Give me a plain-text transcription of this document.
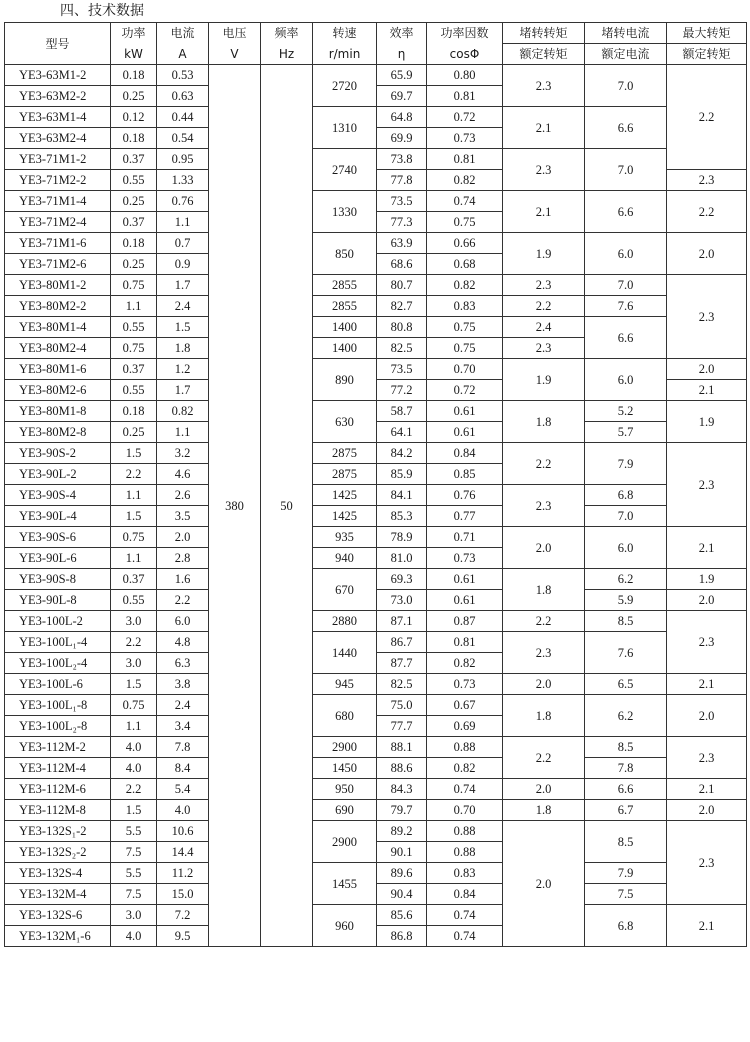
四、技术数据
型号	功率	电流	电压	频率	转速	效率	功率因数	堵转转矩	堵转电流	最大转矩
	kW	A	V	Hz	r/min	η	cosΦ	额定转矩	额定电流	额定转矩
YE3-63M1-2	0.18	0.53	380	50	2720	65.9	0.80	2.3	7.0	2.2
YE3-63M2-2	0.25	0.63				69.7	0.81			
YE3-63M1-4	0.12	0.44			1310	64.8	0.72	2.1	6.6	
YE3-63M2-4	0.18	0.54				69.9	0.73			
YE3-71M1-2	0.37	0.95			2740	73.8	0.81	2.3	7.0	
YE3-71M2-2	0.55	1.33				77.8	0.82			2.3
YE3-71M1-4	0.25	0.76			1330	73.5	0.74	2.1	6.6	2.2
YE3-71M2-4	0.37	1.1				77.3	0.75			
YE3-71M1-6	0.18	0.7			850	63.9	0.66	1.9	6.0	2.0
YE3-71M2-6	0.25	0.9				68.6	0.68			
YE3-80M1-2	0.75	1.7			2855	80.7	0.82	2.3	7.0	2.3
YE3-80M2-2	1.1	2.4			2855	82.7	0.83	2.2	7.6	
YE3-80M1-4	0.55	1.5			1400	80.8	0.75	2.4	6.6	
YE3-80M2-4	0.75	1.8			1400	82.5	0.75	2.3		
YE3-80M1-6	0.37	1.2			890	73.5	0.70	1.9	6.0	2.0
YE3-80M2-6	0.55	1.7				77.2	0.72			2.1
YE3-80M1-8	0.18	0.82			630	58.7	0.61	1.8	5.2	1.9
YE3-80M2-8	0.25	1.1				64.1	0.61		5.7	
YE3-90S-2	1.5	3.2			2875	84.2	0.84	2.2	7.9	2.3
YE3-90L-2	2.2	4.6			2875	85.9	0.85			
YE3-90S-4	1.1	2.6			1425	84.1	0.76	2.3	6.8	
YE3-90L-4	1.5	3.5			1425	85.3	0.77		7.0	
YE3-90S-6	0.75	2.0			935	78.9	0.71	2.0	6.0	2.1
YE3-90L-6	1.1	2.8			940	81.0	0.73			
YE3-90S-8	0.37	1.6			670	69.3	0.61	1.8	6.2	1.9
YE3-90L-8	0.55	2.2				73.0	0.61		5.9	2.0
YE3-100L-2	3.0	6.0			2880	87.1	0.87	2.2	8.5	2.3
YE3-100L₁-4	2.2	4.8			1440	86.7	0.81	2.3	7.6	
YE3-100L₂-4	3.0	6.3				87.7	0.82			
YE3-100L-6	1.5	3.8			945	82.5	0.73	2.0	6.5	2.1
YE3-100L₁-8	0.75	2.4			680	75.0	0.67	1.8	6.2	2.0
YE3-100L₂-8	1.1	3.4				77.7	0.69			
YE3-112M-2	4.0	7.8			2900	88.1	0.88	2.2	8.5	2.3
YE3-112M-4	4.0	8.4			1450	88.6	0.82		7.8	
YE3-112M-6	2.2	5.4			950	84.3	0.74	2.0	6.6	2.1
YE3-112M-8	1.5	4.0			690	79.7	0.70	1.8	6.7	2.0
YE3-132S₁-2	5.5	10.6			2900	89.2	0.88	2.0	8.5	2.3
YE3-132S₂-2	7.5	14.4				90.1	0.88			
YE3-132S-4	5.5	11.2			1455	89.6	0.83		7.9	
YE3-132M-4	7.5	15.0				90.4	0.84		7.5	
YE3-132S-6	3.0	7.2			960	85.6	0.74		6.8	2.1
YE3-132M₁-6	4.0	9.5				86.8	0.74			
